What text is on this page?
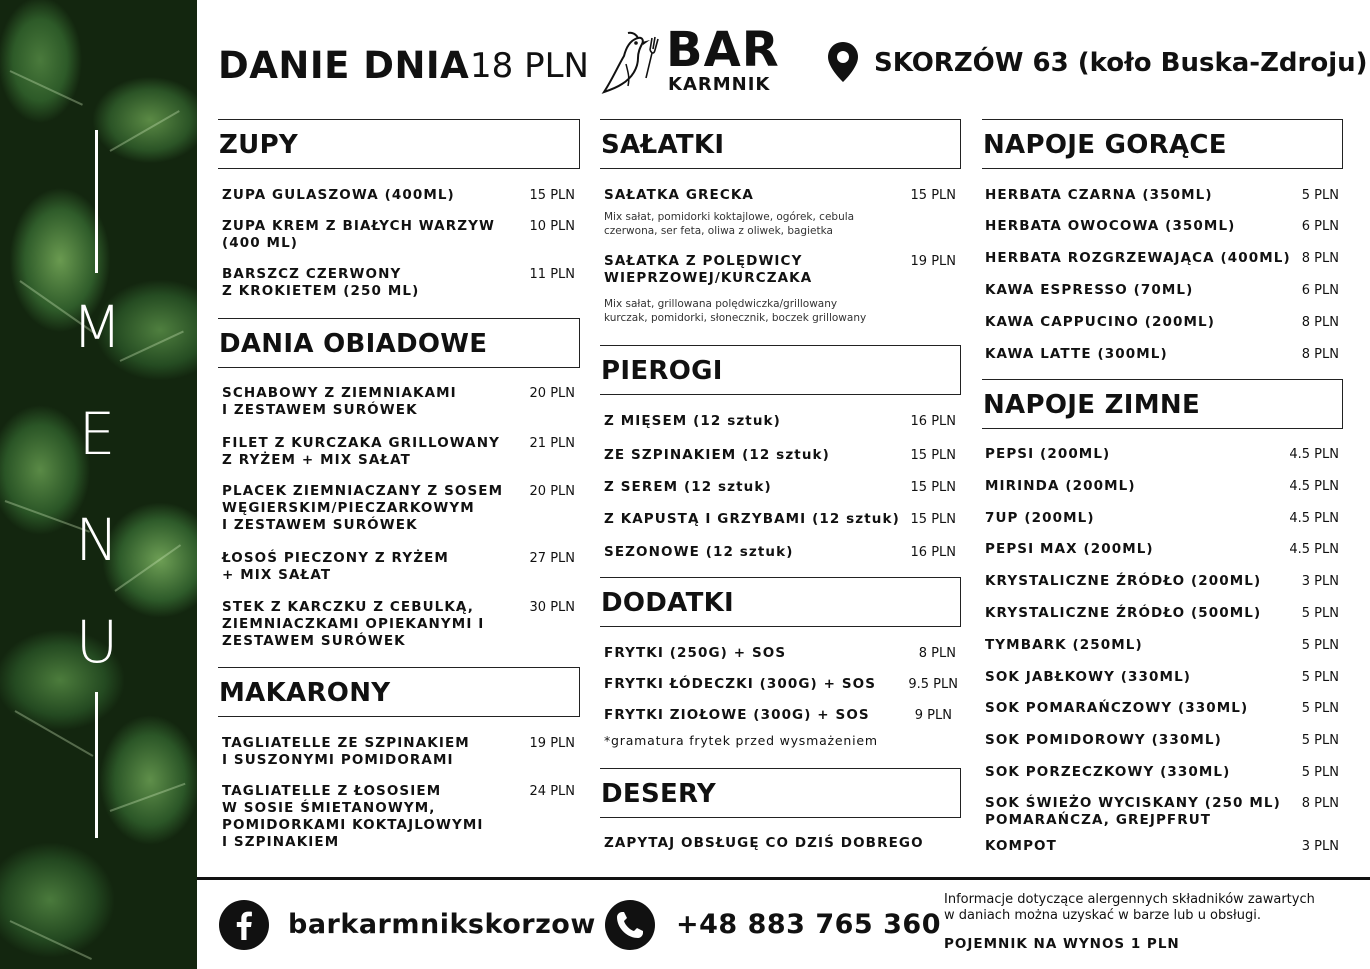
M
E
N
U
DANIE DNIA 18 PLN BAR
KARMNIK
SKORZÓW 63 (koło Buska-Zdroju)
ZUPY
ZUPA GULASZOWA (400ML)	15 PLN
ZUPA KREM Z BIAŁYCH WARZYW
(400 ML)
10 PLN
BARSZCZ CZERWONY
Z KROKIETEM (250 ML)
11 PLN
DANIA OBIADOWE
SCHABOWY Z ZIEMNIAKAMI
I ZESTAWEM SURÓWEK
20 PLN
FILET Z KURCZAKA GRILLOWANY
Z RYŻEM + MIX SAŁAT
21 PLN
PLACEK ZIEMNIACZANY Z SOSEM
WĘGIERSKIM/PIECZARKOWYM
I ZESTAWEM SURÓWEK
20 PLN
ŁOSOŚ PIECZONY Z RYŻEM
+ MIX SAŁAT
27 PLN
STEK Z KARCZKU Z CEBULKĄ,
ZIEMNIACZKAMI OPIEKANYMI I
ZESTAWEM SURÓWEK
30 PLN
MAKARONY
TAGLIATELLE ZE SZPINAKIEM
I SUSZONYMI POMIDORAMI
19 PLN
TAGLIATELLE Z ŁOSOSIEM
W SOSIE ŚMIETANOWYM,
POMIDORKAMI KOKTAJLOWYMI
I SZPINAKIEM
24 PLN
SAŁATKI
SAŁATKA GRECKA	15 PLN
Mix sałat, pomidorki koktajlowe, ogórek, cebula
czerwona, ser feta, oliwa z oliwek, bagietka
SAŁATKA Z POLĘDWICY
WIEPRZOWEJ/KURCZAKA
19 PLN
Mix sałat, grillowana polędwiczka/grillowany
kurczak, pomidorki, słonecznik, boczek grillowany
PIEROGI
Z MIĘSEM (12 sztuk)	16 PLN
ZE SZPINAKIEM (12 sztuk)	15 PLN
Z SEREM (12 sztuk)	15 PLN
Z KAPUSTĄ I GRZYBAMI (12 sztuk) 15 PLN
SEZONOWE (12 sztuk)	16 PLN
DODATKI
FRYTKI (250G) + SOS	8 PLN
FRYTKI ŁÓDECZKI (300G) + SOS 9.5 PLN
FRYTKI ZIOŁOWE (300G) + SOS	9 PLN
*gramatura frytek przed wysmażeniem
DESERY
ZAPYTAJ OBSŁUGĘ CO DZIŚ DOBREGO
NAPOJE GORĄCE
HERBATA CZARNA (350ML)	5 PLN
HERBATA OWOCOWA (350ML)	6 PLN
HERBATA ROZGRZEWAJĄCA (400ML) 8 PLN
KAWA ESPRESSO (70ML)	6 PLN
KAWA CAPPUCINO (200ML)	8 PLN
KAWA LATTE (300ML)	8 PLN
NAPOJE ZIMNE
PEPSI (200ML)	4.5 PLN
MIRINDA (200ML)	4.5 PLN
7UP (200ML)	4.5 PLN
PEPSI MAX (200ML)	4.5 PLN
KRYSTALICZNE ŹRÓDŁO (200ML)	3 PLN
KRYSTALICZNE ŹRÓDŁO (500ML)	5 PLN
TYMBARK (250ML)	5 PLN
SOK JABŁKOWY (330ML)	5 PLN
SOK POMARAŃCZOWY (330ML)	5 PLN
SOK POMIDOROWY (330ML)	5 PLN
SOK PORZECZKOWY (330ML)	5 PLN
SOK ŚWIEŻO WYCISKANY (250 ML)
POMARAŃCZA, GREJPFRUT
8 PLN
KOMPOT	3 PLN
barkarmnikskorzow	+48 883 765 360
Informacje dotyczące alergennych składników zawartych
w daniach można uzyskać w barze lub u obsługi.
POJEMNIK NA WYNOS 1 PLN
